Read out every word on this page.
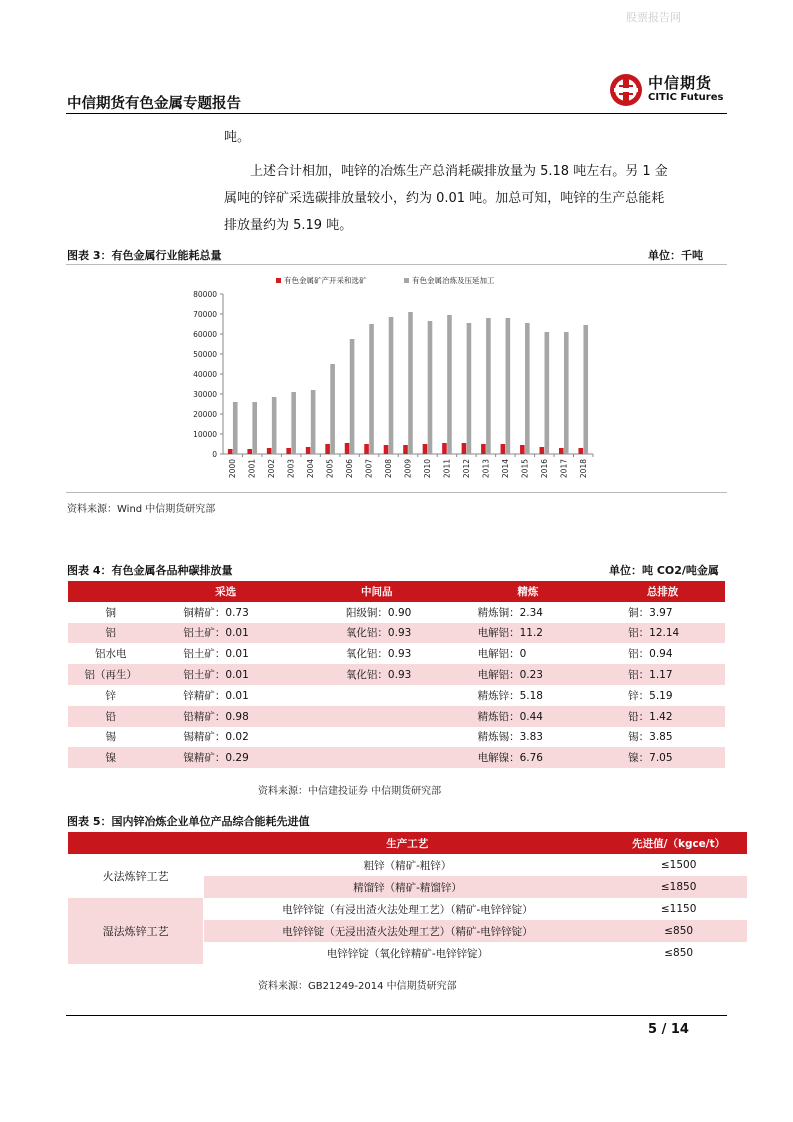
股票报告网
中信期货有色金属专题报告
中信期货
CITIC Futures
吨。
上述合计相加，吨锌的冶炼生产总消耗碳排放量为 5.18 吨左右。另 1 金
属吨的锌矿采选碳排放量较小，约为 0.01 吨。加总可知，吨锌的生产总能耗
排放量约为 5.19 吨。
图表 3：有色金属行业能耗总量	单位：千吨
0
10000
20000
30000
40000
50000
60000
70000
80000
2000 2001 2002 2003 2004 2005 2006 2007 2008 2009 2010 2011 2012 2013 2014 2015 2016 2017 2018
有色金属矿产开采和选矿	有色金属冶炼及压延加工
资料来源：Wind 中信期货研究部
图表 4：有色金属各品种碳排放量	单位：吨 CO2/吨金属
	采选	中间品	精炼	总排放
铜	铜精矿：0.73	阳级铜：0.90	精炼铜：2.34	铜：3.97
铝	铝土矿：0.01	氧化铝：0.93	电解铝：11.2	铝：12.14
铝水电	铝土矿：0.01	氧化铝：0.93	电解铝：0	铝：0.94
铝（再生）	铝土矿：0.01	氧化铝：0.93	电解铝：0.23	铝：1.17
锌	锌精矿：0.01		精炼锌：5.18	锌：5.19
铅	铅精矿：0.98		精炼铅：0.44	铅：1.42
锡	锡精矿：0.02		精炼锡：3.83	锡：3.85
镍	镍精矿：0.29		电解镍：6.76	镍：7.05
资料来源：中信建投证券 中信期货研究部
图表 5：国内锌冶炼企业单位产品综合能耗先进值
	生产工艺	先进值/（kgce/t）
火法炼锌工艺	粗锌（精矿-粗锌）	≤1500
	精馏锌（精矿-精馏锌）	≤1850
湿法炼锌工艺	电锌锌锭（有浸出渣火法处理工艺）（精矿-电锌锌锭）	≤1150
	电锌锌锭（无浸出渣火法处理工艺）（精矿-电锌锌锭）	≤850
	电锌锌锭（氧化锌精矿-电锌锌锭）	≤850
资料来源：GB21249-2014 中信期货研究部
5 / 14
